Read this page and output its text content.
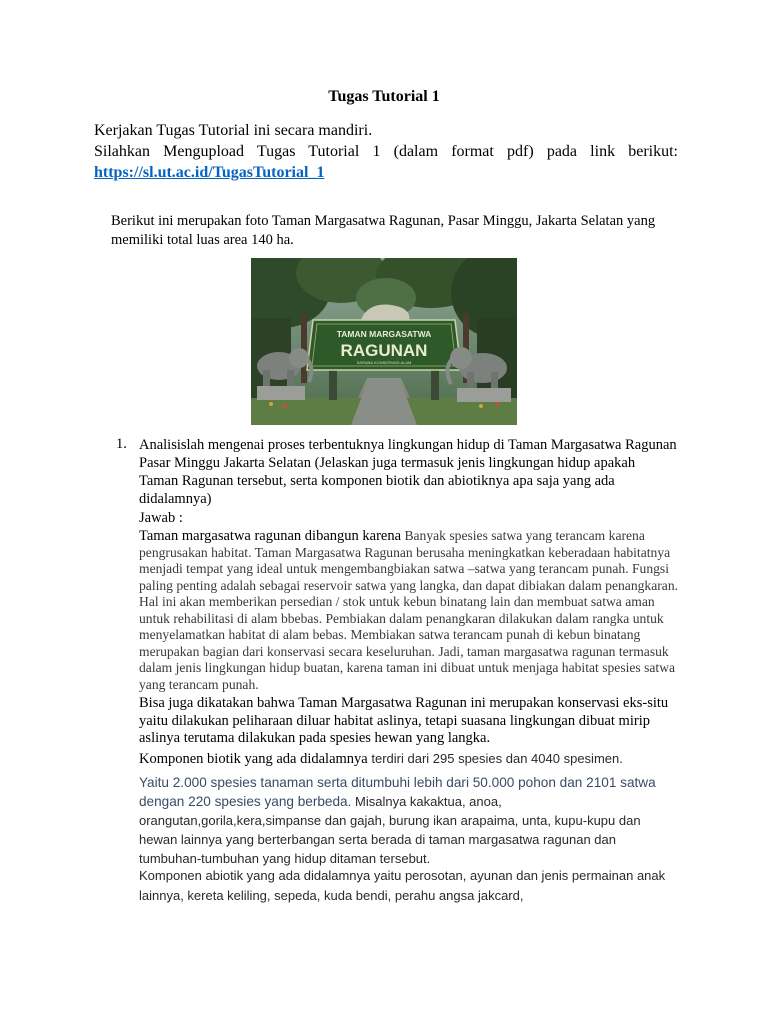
Tugas Tutorial 1
Kerjakan Tugas Tutorial ini secara mandiri.
Silahkan Mengupload Tugas Tutorial 1 (dalam format pdf) pada link berikut:
https://sl.ut.ac.id/TugasTutorial_1
Berikut ini merupakan foto Taman Margasatwa Ragunan, Pasar Minggu, Jakarta Selatan yang memiliki total luas area 140 ha.
TAMAN MARGASATWA
RAGUNAN
SARANA KONSERVASI ALAM
1. Analisislah mengenai proses terbentuknya lingkungan hidup di Taman Margasatwa Ragunan Pasar Minggu Jakarta Selatan (Jelaskan juga termasuk jenis lingkungan hidup apakah Taman Ragunan tersebut, serta komponen biotik dan abiotiknya apa saja yang ada didalamnya)
Jawab :
Taman margasatwa ragunan dibangun karena Banyak spesies satwa yang terancam karena pengrusakan habitat. Taman Margasatwa Ragunan berusaha meningkatkan keberadaan habitatnya menjadi tempat yang ideal untuk mengembangbiakan satwa –satwa yang terancam punah. Fungsi paling penting adalah sebagai reservoir satwa yang langka, dan dapat dibiakan dalam penangkaran. Hal ini akan memberikan persedian / stok untuk kebun binatang lain dan membuat satwa aman untuk rehabilitasi di alam bbebas. Pembiakan dalam penangkaran dilakukan dalam rangka untuk menyelamatkan habitat di alam bebas. Membiakan satwa terancam punah di kebun binatang merupakan bagian dari konservasi secara keseluruhan. Jadi, taman margasatwa ragunan termasuk dalam jenis lingkungan hidup buatan, karena taman ini dibuat untuk menjaga habitat spesies satwa yang terancam punah.
Bisa juga dikatakan bahwa Taman Margasatwa Ragunan ini merupakan konservasi eks-situ yaitu dilakukan peliharaan diluar habitat aslinya, tetapi suasana lingkungan dibuat mirip aslinya terutama dilakukan pada spesies hewan yang langka.
Komponen biotik yang ada didalamnya terdiri dari 295 spesies dan 4040 spesimen.
Yaitu 2.000 spesies tanaman serta ditumbuhi lebih dari 50.000 pohon dan 2101 satwa dengan 220 spesies yang berbeda. Misalnya kakaktua, anoa, orangutan,gorila,kera,simpanse dan gajah, burung ikan arapaima, unta, kupu-kupu dan hewan lainnya yang berterbangan serta berada di taman margasatwa ragunan dan tumbuhan-tumbuhan yang hidup ditaman tersebut.
Komponen abiotik yang ada didalamnya yaitu perosotan, ayunan dan jenis permainan anak lainnya, kereta keliling, sepeda, kuda bendi, perahu angsa jakcard,
